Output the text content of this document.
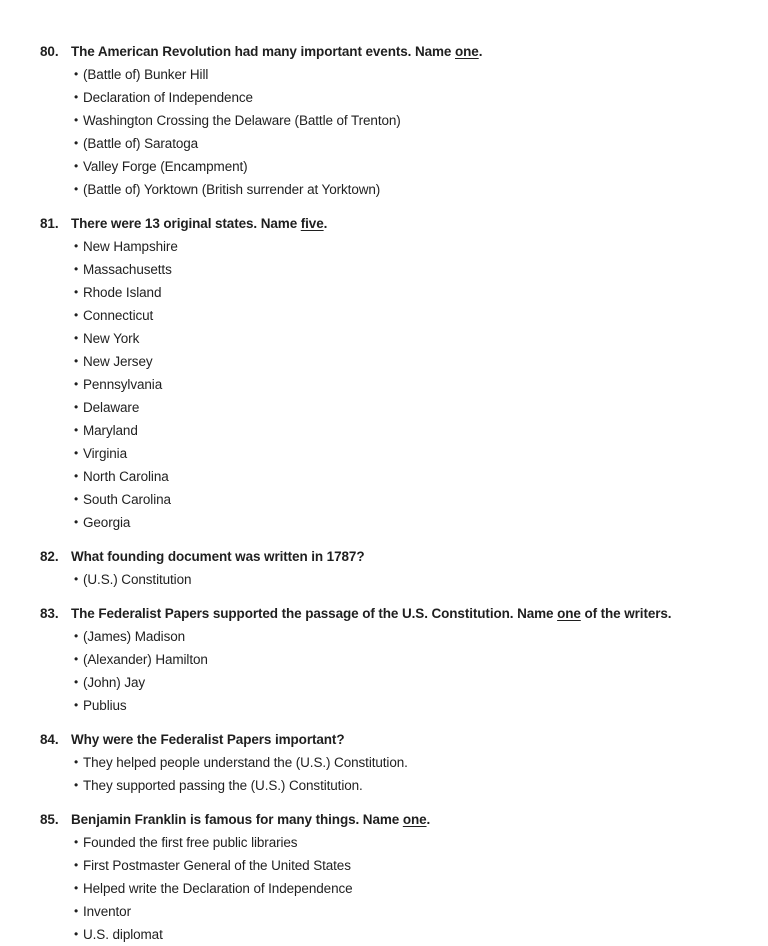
80. The American Revolution had many important events. Name one.
• (Battle of) Bunker Hill
• Declaration of Independence
• Washington Crossing the Delaware (Battle of Trenton)
• (Battle of) Saratoga
• Valley Forge (Encampment)
• (Battle of) Yorktown (British surrender at Yorktown)
81. There were 13 original states. Name five.
• New Hampshire
• Massachusetts
• Rhode Island
• Connecticut
• New York
• New Jersey
• Pennsylvania
• Delaware
• Maryland
• Virginia
• North Carolina
• South Carolina
• Georgia
82. What founding document was written in 1787?
• (U.S.) Constitution
83. The Federalist Papers supported the passage of the U.S. Constitution. Name one of the writers.
• (James) Madison
• (Alexander) Hamilton
• (John) Jay
• Publius
84. Why were the Federalist Papers important?
• They helped people understand the (U.S.) Constitution.
• They supported passing the (U.S.) Constitution.
85. Benjamin Franklin is famous for many things. Name one.
• Founded the first free public libraries
• First Postmaster General of the United States
• Helped write the Declaration of Independence
• Inventor
• U.S. diplomat
